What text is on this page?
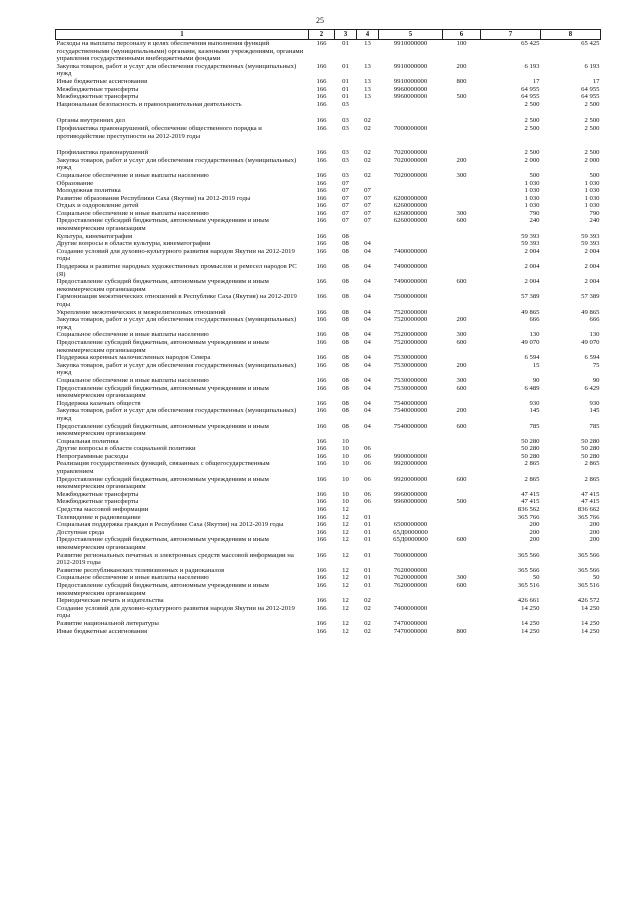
25
1	2	3	4	5	6	7	8
Расходы на выплаты персоналу в целях обеспечения выполнения функций государственными (муниципальными) органами, казенными учреждениями, органами управления государственными внебюджетными фондами	166	01	13	9910000000	100	65 425	65 425
Закупка товаров, работ и услуг для обеспечения государственных (муниципальных) нужд	166	01	13	9910000000	200	6 193	6 193
Иные бюджетные ассигнования	166	01	13	9910000000	800	17	17
Межбюджетные трансферты	166	01	13	9960000000		64 955	64 955
Межбюджетные трансферты	166	01	13	9960000000	500	64 955	64 955
Национальная безопасность и правоохранительная деятельность	166	03				2 500	2 500

Органы внутренних дел	166	03	02			2 500	2 500
Профилактика правонарушений, обеспечение общественного порядка и противодействие преступности на 2012-2019 годы	166	03	02	7000000000		2 500	2 500

Профилактика правонарушений	166	03	02	7020000000		2 500	2 500
Закупка товаров, работ и услуг для обеспечения государственных (муниципальных) нужд	166	03	02	7020000000	200	2 000	2 000
Социальное обеспечение и иные выплаты населению	166	03	02	7020000000	300	500	500
Образование	166	07				1 030	1 030
Молодежная политика	166	07	07			1 030	1 030
Развитие образования Республики Саха (Якутия) на 2012-2019 годы	166	07	07	6200000000		1 030	1 030
Отдых и оздоровление детей	166	07	07	6260000000		1 030	1 030
Социальное обеспечение и иные выплаты населению	166	07	07	6260000000	300	790	790
Предоставление субсидий бюджетным, автономным учреждениям и иным некоммерческим организациям	166	07	07	6260000000	600	240	240
Культура, кинематография	166	08				59 393	59 393
Другие вопросы в области культуры, кинематографии	166	08	04			59 393	59 393
Создание условий для духовно-культурного развития народов Якутии на 2012-2019 годы	166	08	04	7400000000		2 004	2 004
Поддержка и развитие народных художественных промыслов и ремесел народов РС (Я)	166	08	04	7490000000		2 004	2 004
Предоставление субсидий бюджетным, автономным учреждениям и иным некоммерческим организациям	166	08	04	7490000000	600	2 004	2 004
Гармонизация межэтнических отношений в Республике Саха (Якутия) на 2012-2019 годы	166	08	04	7500000000		57 389	57 389
Укрепление межэтнических и межрелигиозных отношений	166	08	04	7520000000		49 865	49 865
Закупка товаров, работ и услуг для обеспечения государственных (муниципальных) нужд	166	08	04	7520000000	200	666	666
Социальное обеспечение и иные выплаты населению	166	08	04	7520000000	300	130	130
Предоставление субсидий бюджетным, автономным учреждениям и иным некоммерческим организациям	166	08	04	7520000000	600	49 070	49 070
Поддержка коренных малочисленных народов Севера	166	08	04	7530000000		6 594	6 594
Закупка товаров, работ и услуг для обеспечения государственных (муниципальных) нужд	166	08	04	7530000000	200	15	75
Социальное обеспечение и иные выплаты населению	166	08	04	7530000000	300	90	90
Предоставление субсидий бюджетным, автономным учреждениям и иным некоммерческим организациям	166	08	04	7530000000	600	6 489	6 429
Поддержка казачьих обществ	166	08	04	7540000000		930	930
Закупка товаров, работ и услуг для обеспечения государственных (муниципальных) нужд	166	08	04	7540000000	200	145	145
Предоставление субсидий бюджетным, автономным учреждениям и иным некоммерческим организациям	166	08	04	7540000000	600	785	785
Социальная политика	166	10				50 280	50 280
Другие вопросы в области социальной политики	166	10	06			50 280	50 280
Непрограммные расходы	166	10	06	9900000000		50 280	50 280
Реализация государственных функций, связанных с общегосударственным управлением	166	10	06	9920000000		2 865	2 865
Предоставление субсидий бюджетным, автономным учреждениям и иным некоммерческим организациям	166	10	06	9920000000	600	2 865	2 865
Межбюджетные трансферты	166	10	06	9960000000		47 415	47 415
Межбюджетные трансферты	166	10	06	9960000000	500	47 415	47 415
Средства массовой информации	166	12				836 562	836 662
Телевидение и радиовещание	166	12	01			365 766	365 766
Социальная поддержка граждан в Республике Саха (Якутия) на 2012-2019 годы	166	12	01	6500000000		200	200
Доступная среда	166	12	01	65Д0000000		200	200
Предоставление субсидий бюджетным, автономным учреждениям и иным некоммерческим организациям	166	12	01	65Д0000000	600	200	200
Развитие региональных печатных и электронных средств массовой информации на 2012-2019 годы	166	12	01	7600000000		365 566	365 566
Развитие республиканских телевизионных и радиоканалов	166	12	01	7620000000		365 566	365 566
Социальное обеспечение и иные выплаты населению	166	12	01	7620000000	300	50	50
Предоставление субсидий бюджетным, автономным учреждениям и иным некоммерческим организациям	166	12	01	7620000000	600	365 516	365 516
Периодическая печать и издательства	166	12	02			426 661	426 572
Создание условий для духовно-культурного развития народов Якутии на 2012-2019 годы	166	12	02	7400000000		14 250	14 250
Развитие национальной литературы	166	12	02	7470000000		14 250	14 250
Иные бюджетные ассигнования	166	12	02	7470000000	800	14 250	14 250
